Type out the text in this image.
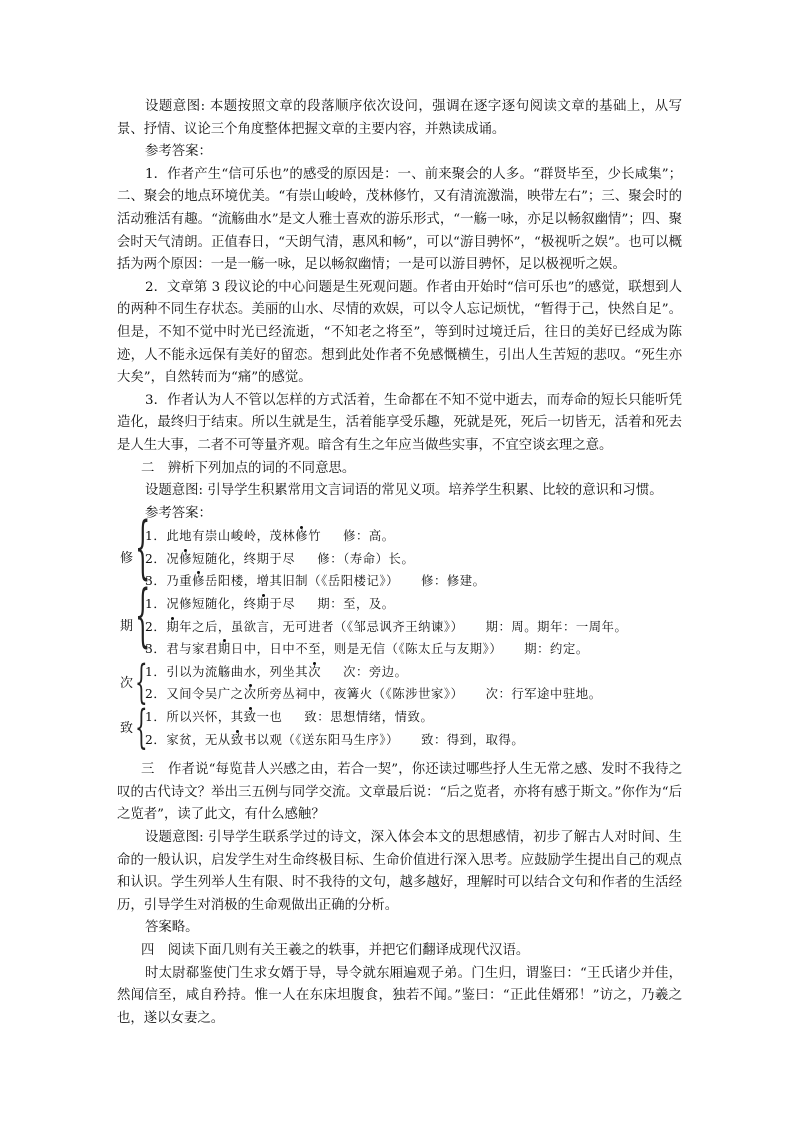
设题意图: 本题按照文章的段落顺序依次设问，强调在逐字逐句阅读文章的基础上，从写景、抒情、议论三个角度整体把握文章的主要内容，并熟读成诵。

参考答案：

1．作者产生“信可乐也”的感受的原因是：一、前来聚会的人多。“群贤毕至，少长咸集”；二、聚会的地点环境优美。“有崇山峻岭，茂林修竹，又有清流激湍，映带左右”；三、聚会时的活动雅活有趣。“流觞曲水”是文人雅士喜欢的游乐形式，“一觞一咏，亦足以畅叙幽情”；四、聚会时天气清朗。正值春日，“天朗气清，惠风和畅”，可以“游目骋怀”，“极视听之娱”。也可以概括为两个原因：一是一觞一咏，足以畅叙幽情；一是可以游目骋怀，足以极视听之娱。

2．文章第 3 段议论的中心问题是生死观问题。作者由开始时“信可乐也”的感觉，联想到人的两种不同生存状态。美丽的山水、尽情的欢娱，可以令人忘记烦忧，“暂得于己，快然自足”。但是，不知不觉中时光已经流逝，“不知老之将至”，等到时过境迁后，往日的美好已经成为陈迹，人不能永远保有美好的留恋。想到此处作者不免感慨横生，引出人生苦短的悲叹。“死生亦大矣”，自然转而为“痛”的感觉。

3．作者认为人不管以怎样的方式活着，生命都在不知不觉中逝去，而寿命的短长只能听凭造化，最终归于结束。所以生就是生，活着能享受乐趣，死就是死，死后一切皆无，活着和死去是人生大事，二者不可等量齐观。暗含有生之年应当做些实事，不宜空谈玄理之意。

二　辨析下列加点的词的不同意思。

设题意图: 引导学生积累常用文言词语的常见义项。培养学生积累、比较的意识和习惯。

参考答案：

修 {
1．此地有崇山峻岭，茂林修竹 修：高。
2．况修短随化，终期于尽 修：（寿命）长。
3．乃重修岳阳楼，增其旧制（《岳阳楼记》） 修：修建。
期 {
1．况修短随化，终期于尽 期：至，及。
2．期年之后，虽欲言，无可进者（《邹忌讽齐王纳谏》） 期：周。期年：一周年。
3．君与家君期日中，日中不至，则是无信（《陈太丘与友期》） 期：约定。
次 {
1．引以为流觞曲水，列坐其次 次：旁边。
2．又间令吴广之次所旁丛祠中，夜篝火（《陈涉世家》） 次：行军途中驻地。
致 {
1．所以兴怀，其致一也 致：思想情绪，情致。
2．家贫，无从致书以观（《送东阳马生序》） 致：得到，取得。

三　作者说“每览昔人兴感之由，若合一契”，你还读过哪些抒人生无常之感、发时不我待之叹的古代诗文？举出三五例与同学交流。文章最后说：“后之览者，亦将有感于斯文。”你作为“后之览者”，读了此文，有什么感触？

设题意图: 引导学生联系学过的诗文，深入体会本文的思想感情，初步了解古人对时间、生命的一般认识，启发学生对生命终极目标、生命价值进行深入思考。应鼓励学生提出自己的观点和认识。学生列举人生有限、时不我待的文句，越多越好，理解时可以结合文句和作者的生活经历，引导学生对消极的生命观做出正确的分析。

答案略。

四　阅读下面几则有关王羲之的轶事，并把它们翻译成现代汉语。

时太尉郗鉴使门生求女婿于导，导令就东厢遍观子弟。门生归，谓鉴曰：“王氏诸少并佳，然闻信至，咸自矜持。惟一人在东床坦腹食，独若不闻。”鉴曰：“正此佳婿邪！”访之，乃羲之也，遂以女妻之。
